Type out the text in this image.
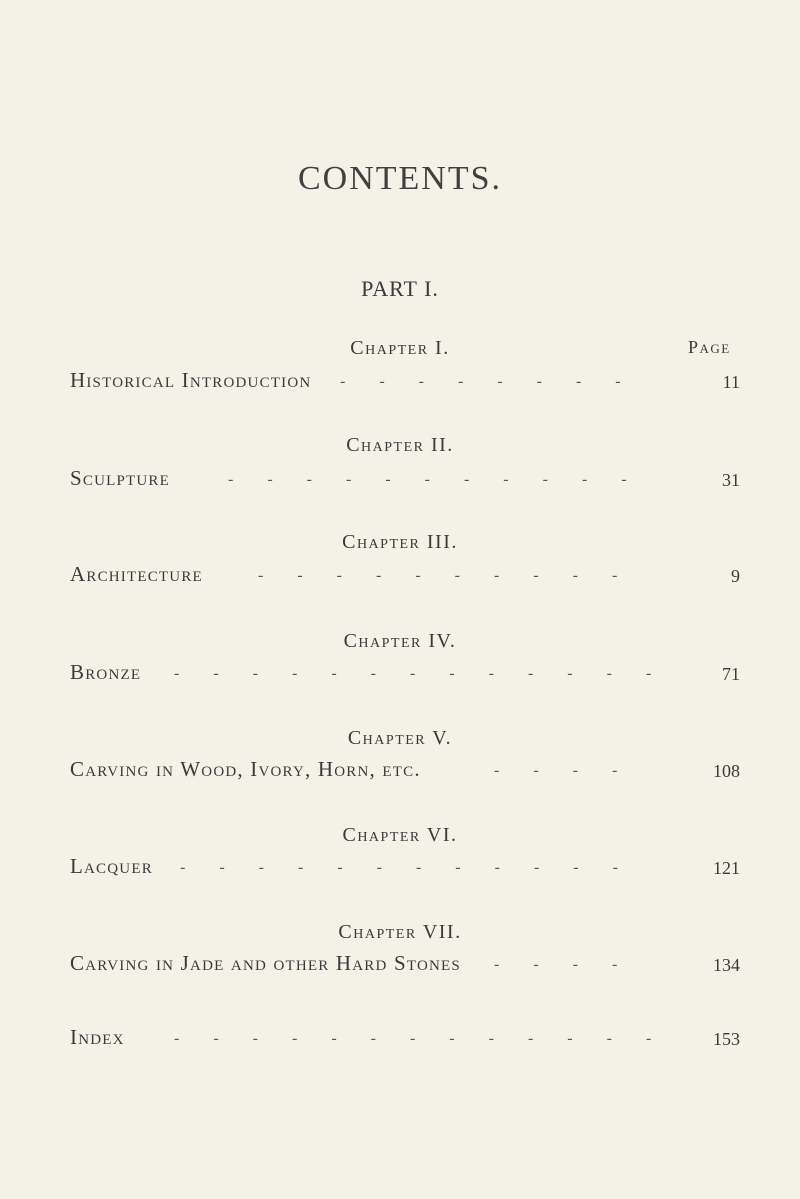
CONTENTS.
PART I.
Page
Chapter I.
Historical Introduction - - - - - - - -	11
Chapter II.
Sculpture	- - - - - - - - - - -	31
Chapter III.
Architecture	- - - - - - - - - -	9
Chapter IV.
Bronze - - - - - - - - - - - - -	71
Chapter V.
Carving in Wood, Ivory, Horn, etc.	- - - -	108
Chapter VI.
Lacquer - - - - - - - - - - - -	121
Chapter VII.
Carving in Jade and other Hard Stones - - - -	134
Index	- - - - - - - - - - - - -	153
